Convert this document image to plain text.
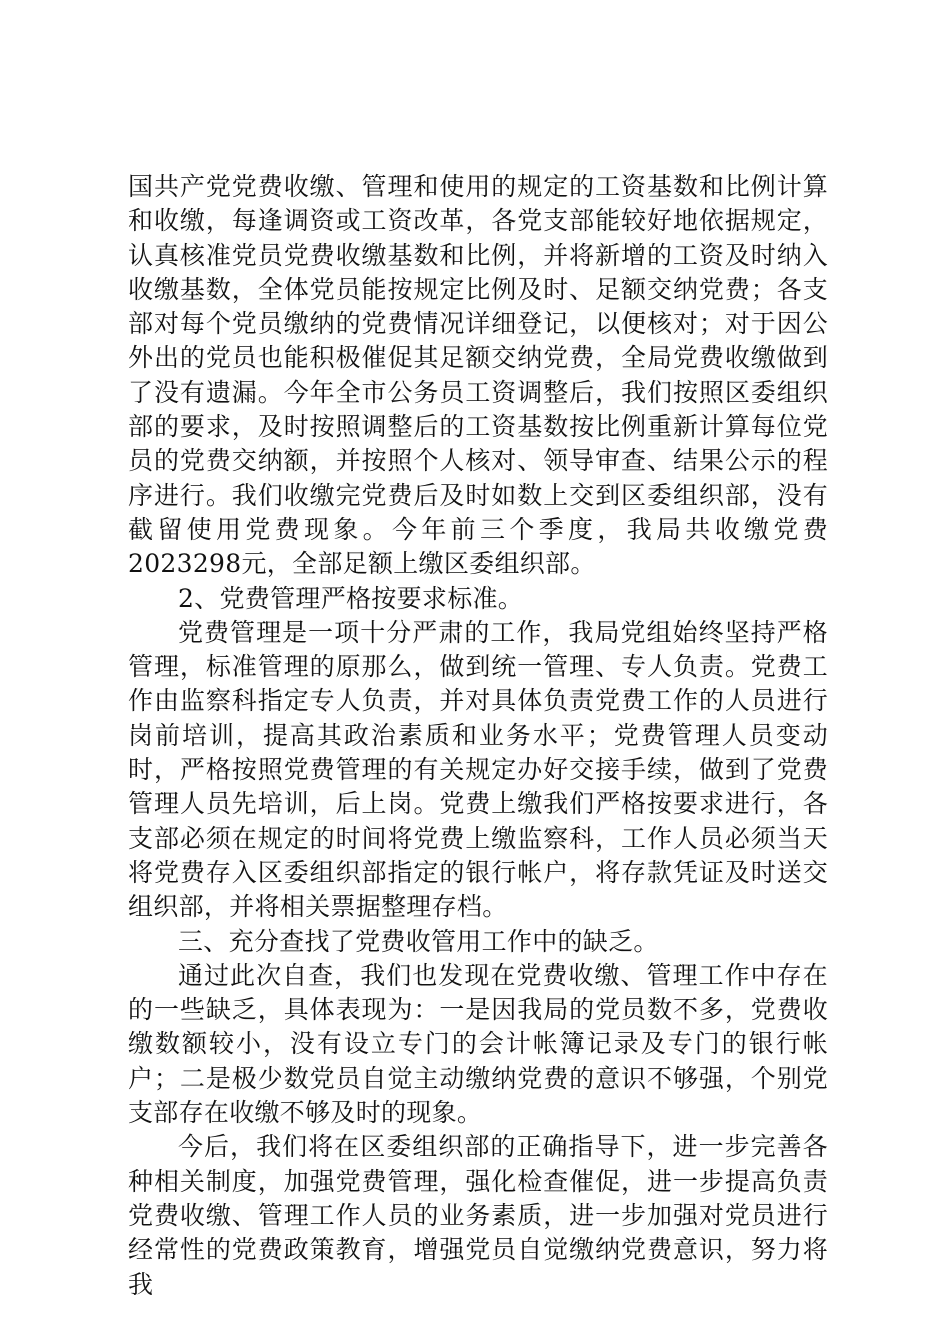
国共产党党费收缴、管理和使用的规定的工资基数和比例计算和收缴，每逢调资或工资改革，各党支部能较好地依据规定，认真核准党员党费收缴基数和比例，并将新增的工资及时纳入收缴基数，全体党员能按规定比例及时、足额交纳党费；各支部对每个党员缴纳的党费情况详细登记，以便核对；对于因公外出的党员也能积极催促其足额交纳党费，全局党费收缴做到了没有遗漏。今年全市公务员工资调整后，我们按照区委组织部的要求，及时按照调整后的工资基数按比例重新计算每位党员的党费交纳额，并按照个人核对、领导审查、结果公示的程序进行。我们收缴完党费后及时如数上交到区委组织部，没有截留使用党费现象。今年前三个季度，我局共收缴党费2023298元，全部足额上缴区委组织部。

2、党费管理严格按要求标准。

党费管理是一项十分严肃的工作，我局党组始终坚持严格管理，标准管理的原那么，做到统一管理、专人负责。党费工作由监察科指定专人负责，并对具体负责党费工作的人员进行岗前培训，提高其政治素质和业务水平；党费管理人员变动时，严格按照党费管理的有关规定办好交接手续，做到了党费管理人员先培训，后上岗。党费上缴我们严格按要求进行，各支部必须在规定的时间将党费上缴监察科，工作人员必须当天将党费存入区委组织部指定的银行帐户，将存款凭证及时送交组织部，并将相关票据整理存档。

三、充分查找了党费收管用工作中的缺乏。

通过此次自查，我们也发现在党费收缴、管理工作中存在的一些缺乏，具体表现为：一是因我局的党员数不多，党费收缴数额较小，没有设立专门的会计帐簿记录及专门的银行帐户；二是极少数党员自觉主动缴纳党费的意识不够强，个别党支部存在收缴不够及时的现象。

今后，我们将在区委组织部的正确指导下，进一步完善各种相关制度，加强党费管理，强化检查催促，进一步提高负责党费收缴、管理工作人员的业务素质，进一步加强对党员进行经常性的党费政策教育，增强党员自觉缴纳党费意识，努力将我
